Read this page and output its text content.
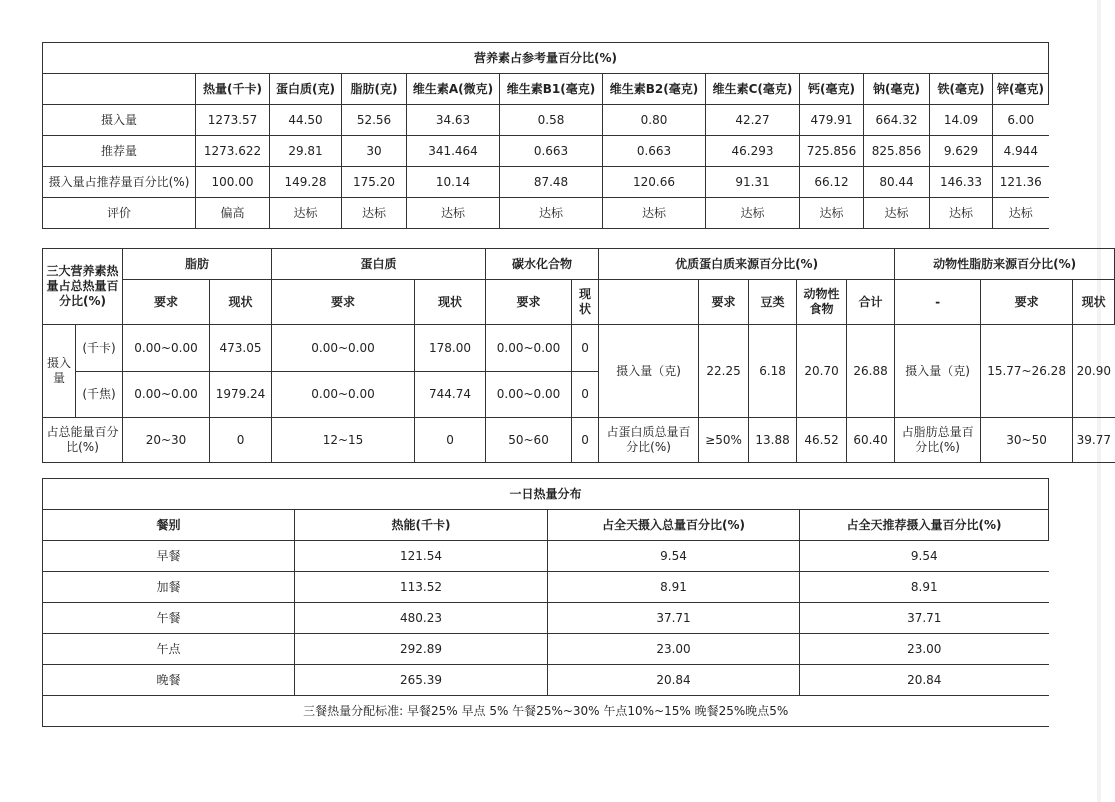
营养素占参考量百分比(%)											
	热量(千卡)	蛋白质(克)	脂肪(克)	维生素A(微克)	维生素B1(毫克)	维生素B2(毫克)	维生素C(毫克)	钙(毫克)	钠(毫克)	铁(毫克)	锌(毫克)
摄入量	1273.57	44.50	52.56	34.63	0.58	0.80	42.27	479.91	664.32	14.09	6.00
推荐量	1273.622	29.81	30	341.464	0.663	0.663	46.293	725.856	825.856	9.629	4.944
摄入量占推荐量百分比(%)	100.00	149.28	175.20	10.14	87.48	120.66	91.31	66.12	80.44	146.33	121.36
评价	偏高	达标	达标	达标	达标	达标	达标	达标	达标	达标	达标
三大营养素热量占总热量百分比(%)		脂肪		蛋白质		碳水化合物		优质蛋白质来源百分比(%)					动物性脂肪来源百分比(%)		
		要求	现状	要求	现状	要求	现状		要求	豆类	动物性食物	合计	-	要求	现状
摄入量	(千卡)	0.00~0.00	473.05	0.00~0.00	178.00	0.00~0.00	0	摄入量（克)	22.25	6.18	20.70	26.88	摄入量（克)	15.77~26.28	20.90
	(千焦)	0.00~0.00	1979.24	0.00~0.00	744.74	0.00~0.00	0								
占总能量百分比(%)		20~30	0	12~15	0	50~60	0	占蛋白质总量百分比(%)	≥50%	13.88	46.52	60.40	占脂肪总量百分比(%)	30~50	39.77
一日热量分布			
餐别	热能(千卡)	占全天摄入总量百分比(%)	占全天推荐摄入量百分比(%)
早餐	121.54	9.54	9.54
加餐	113.52	8.91	8.91
午餐	480.23	37.71	37.71
午点	292.89	23.00	23.00
晚餐	265.39	20.84	20.84
三餐热量分配标准: 早餐25% 早点 5% 午餐25%~30% 午点10%~15% 晚餐25%晚点5%			
